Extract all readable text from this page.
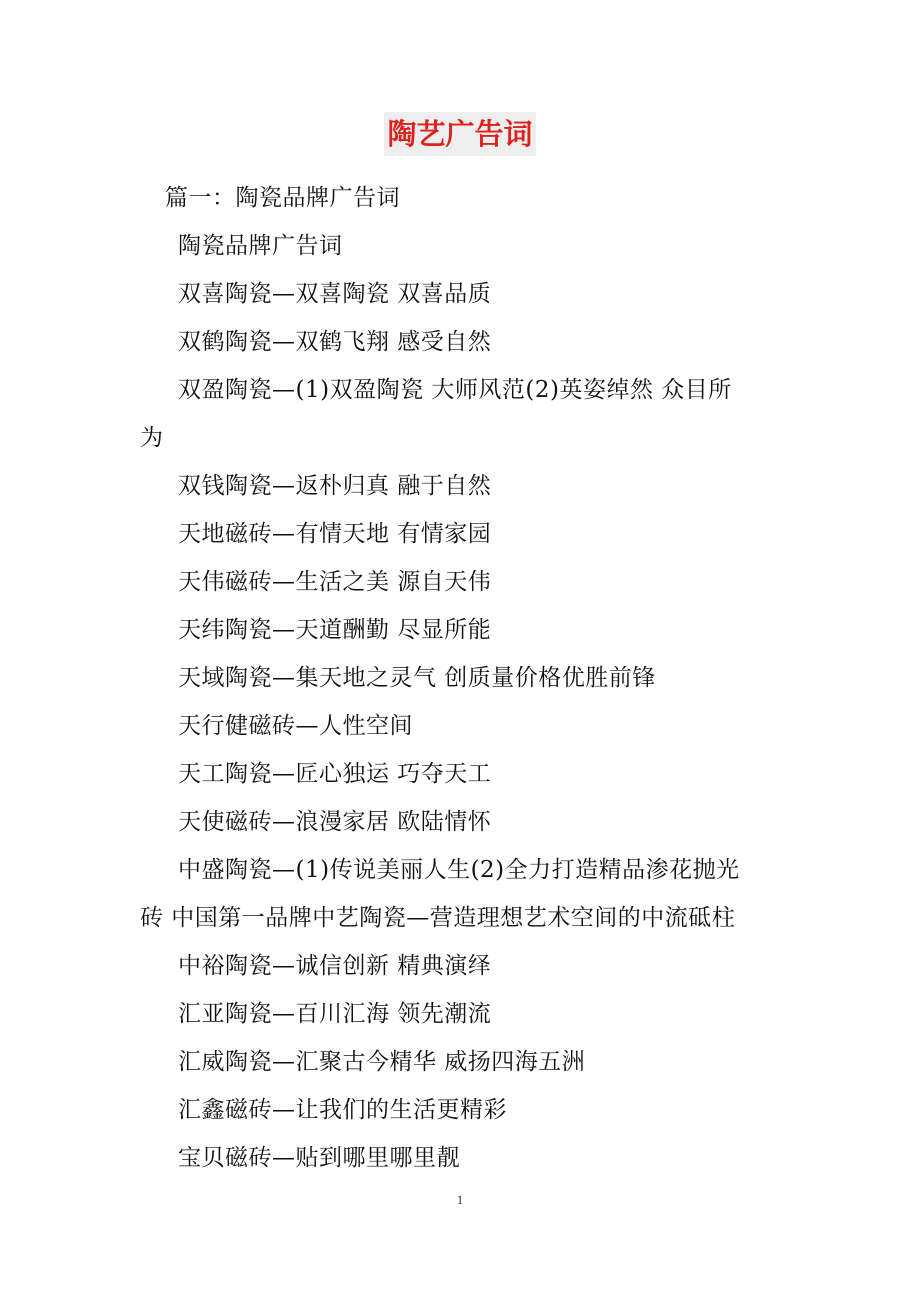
陶艺广告词
篇一：陶瓷品牌广告词
陶瓷品牌广告词
双喜陶瓷—双喜陶瓷 双喜品质
双鹤陶瓷—双鹤飞翔 感受自然
双盈陶瓷—(1)双盈陶瓷 大师风范(2)英姿绰然 众目所
为
双钱陶瓷—返朴归真 融于自然
天地磁砖—有情天地 有情家园
天伟磁砖—生活之美 源自天伟
天纬陶瓷—天道酬勤 尽显所能
天域陶瓷—集天地之灵气 创质量价格优胜前锋
天行健磁砖—人性空间
天工陶瓷—匠心独运 巧夺天工
天使磁砖—浪漫家居 欧陆情怀
中盛陶瓷—(1)传说美丽人生(2)全力打造精品渗花抛光
砖 中国第一品牌中艺陶瓷—营造理想艺术空间的中流砥柱
中裕陶瓷—诚信创新 精典演绎
汇亚陶瓷—百川汇海 领先潮流
汇威陶瓷—汇聚古今精华 威扬四海五洲
汇鑫磁砖—让我们的生活更精彩
宝贝磁砖—贴到哪里哪里靓
1
